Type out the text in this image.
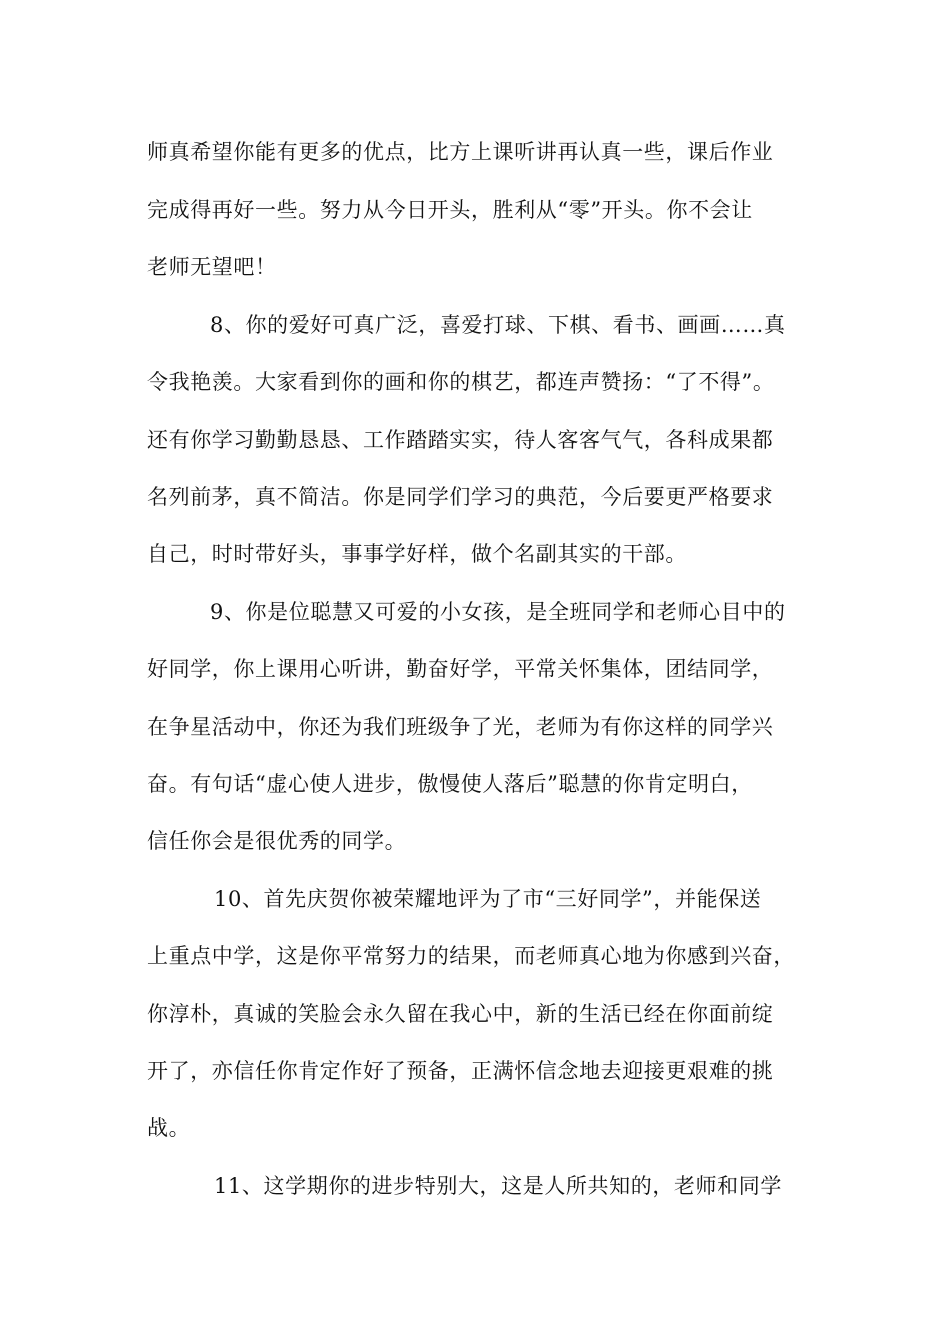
师真希望你能有更多的优点，比方上课听讲再认真一些，课后作业
完成得再好一些。努力从今日开头，胜利从“零”开头。你不会让
老师无望吧！
8、你的爱好可真广泛，喜爱打球、下棋、看书、画画……真
令我艳羡。大家看到你的画和你的棋艺，都连声赞扬：“了不得”。
还有你学习勤勤恳恳、工作踏踏实实，待人客客气气，各科成果都
名列前茅，真不简洁。你是同学们学习的典范，今后要更严格要求
自己，时时带好头，事事学好样，做个名副其实的干部。
9、你是位聪慧又可爱的小女孩，是全班同学和老师心目中的
好同学，你上课用心听讲，勤奋好学，平常关怀集体，团结同学，
在争星活动中，你还为我们班级争了光，老师为有你这样的同学兴
奋。有句话“虚心使人进步，傲慢使人落后”聪慧的你肯定明白，
信任你会是很优秀的同学。
10、首先庆贺你被荣耀地评为了市“三好同学”，并能保送
上重点中学，这是你平常努力的结果，而老师真心地为你感到兴奋，
你淳朴，真诚的笑脸会永久留在我心中，新的生活已经在你面前绽
开了，亦信任你肯定作好了预备，正满怀信念地去迎接更艰难的挑
战。
11、这学期你的进步特别大，这是人所共知的，老师和同学
